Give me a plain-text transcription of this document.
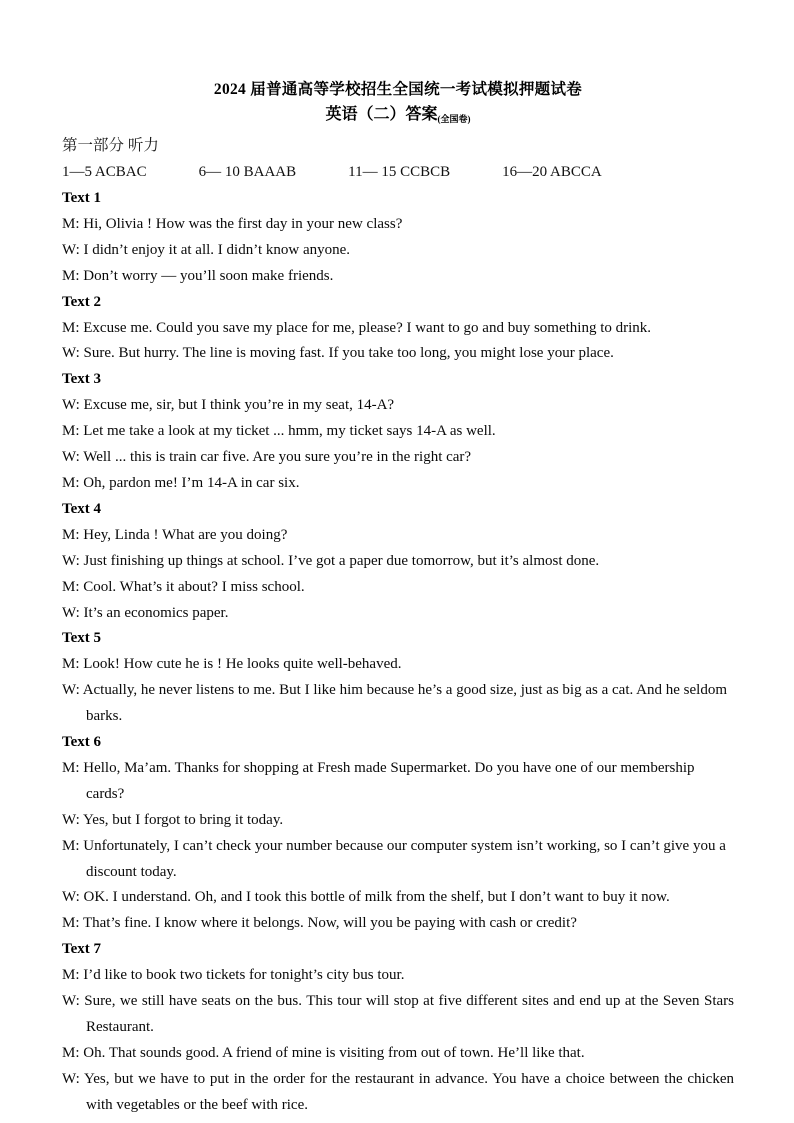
2024 届普通高等学校招生全国统一考试模拟押题试卷
英语（二）答案(全国卷)

第一部分 听力

1—5 ACBAC	6— 10 BAAAB	11— 15 CCBCB	16—20 ABCCA

Text 1

M: Hi, Olivia ! How was the first day in your new class?

W: I didn’t enjoy it at all. I didn’t know anyone.

M: Don’t worry — you’ll soon make friends.

Text 2

M: Excuse me. Could you save my place for me, please? I want to go and buy something to drink.

W: Sure. But hurry. The line is moving fast. If you take too long, you might lose your place.

Text 3

W: Excuse me, sir, but I think you’re in my seat, 14-A?

M: Let me take a look at my ticket ... hmm, my ticket says 14-A as well.

W: Well ... this is train car five. Are you sure you’re in the right car?

M: Oh, pardon me! I’m 14-A in car six.

Text 4

M: Hey, Linda ! What are you doing?

W: Just finishing up things at school. I’ve got a paper due tomorrow, but it’s almost done.

M: Cool. What’s it about? I miss school.

W: It’s an economics paper.

Text 5

M: Look! How cute he is ! He looks quite well-behaved.

W: Actually, he never listens to me. But I like him because he’s a good size, just as big as a cat. And he seldom barks.

Text 6

M: Hello, Ma’am. Thanks for shopping at Fresh made Supermarket. Do you have one of our membership cards?

W: Yes, but I forgot to bring it today.

M: Unfortunately, I can’t check your number because our computer system isn’t working, so I can’t give you a discount today.

W: OK. I understand. Oh, and I took this bottle of milk from the shelf, but I don’t want to buy it now.

M: That’s fine. I know where it belongs. Now, will you be paying with cash or credit?

Text 7

M: I’d like to book two tickets for tonight’s city bus tour.

W: Sure, we still have seats on the bus. This tour will stop at five different sites and end up at the Seven Stars Restaurant.

M: Oh. That sounds good. A friend of mine is visiting from out of town. He’ll like that.

W: Yes, but we have to put in the order for the restaurant in advance. You have a choice between the chicken with vegetables or the beef with rice.
